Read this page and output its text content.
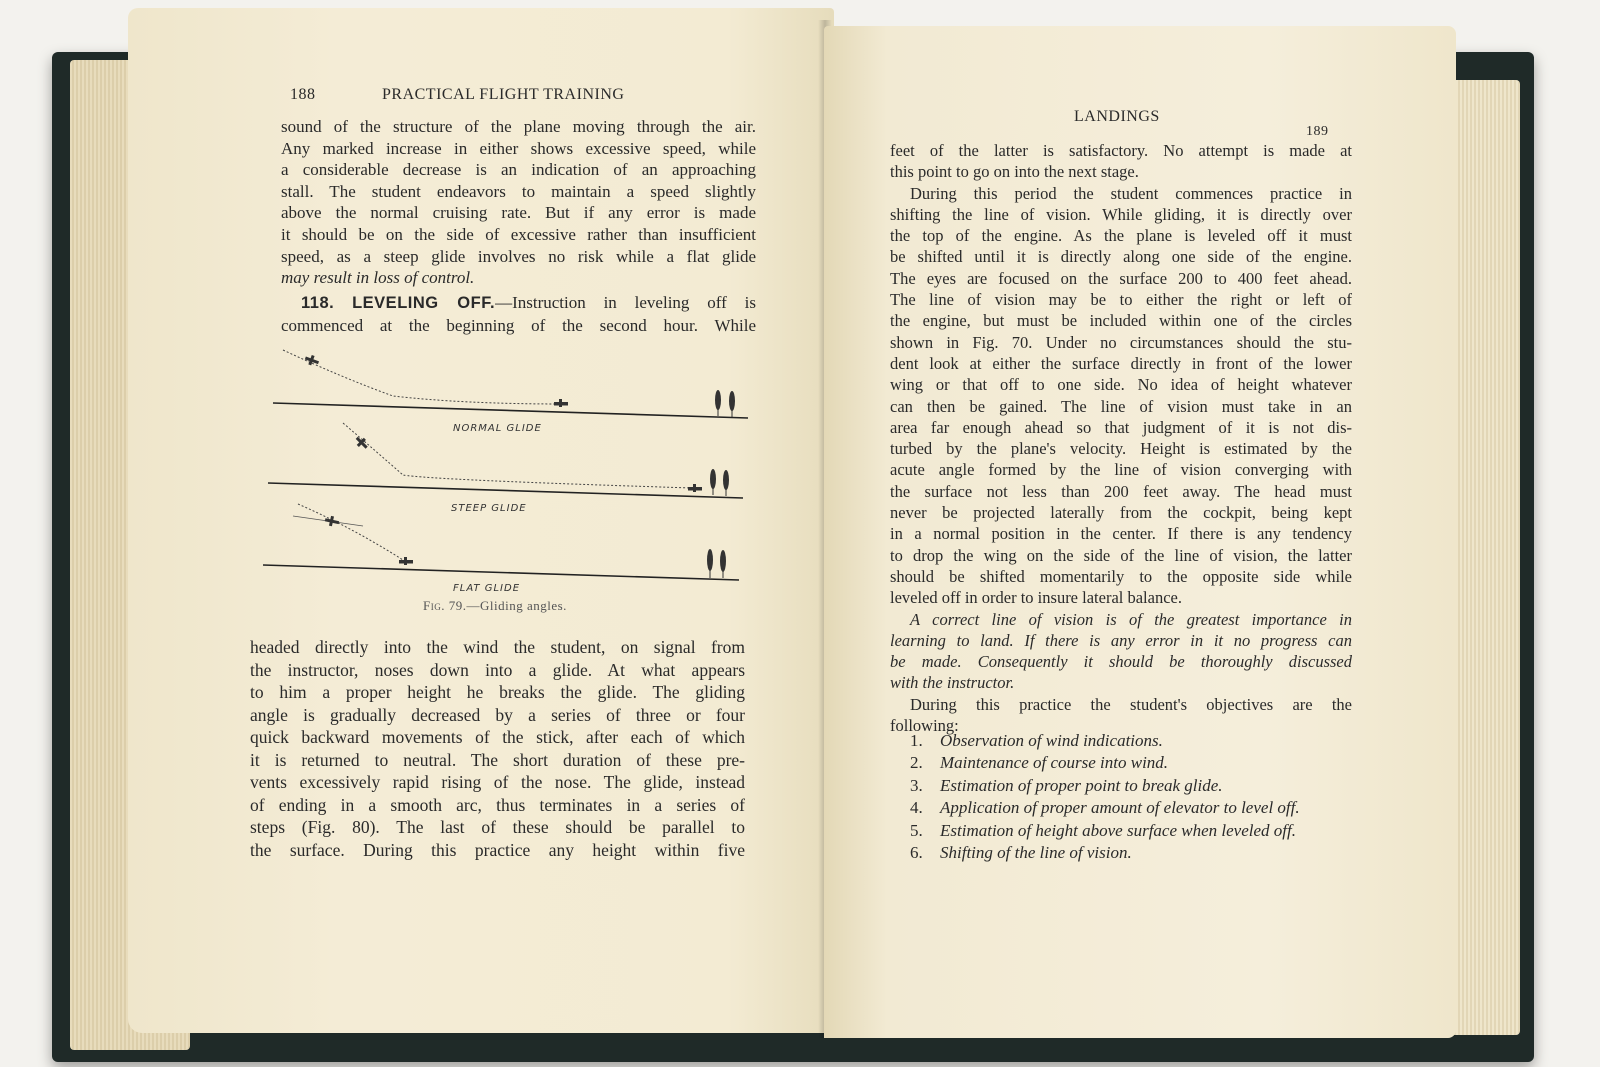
188	PRACTICAL FLIGHT TRAINING
sound of the structure of the plane moving through the air.
Any marked increase in either shows excessive speed, while
a considerable decrease is an indication of an approaching
stall. The student endeavors to maintain a speed slightly
above the normal cruising rate. But if any error is made
it should be on the side of excessive rather than insufficient
speed, as a steep glide involves no risk while a flat glide
may result in loss of control.
118. LEVELING OFF.—Instruction in leveling off is
commenced at the beginning of the second hour. While
NORMAL GLIDE
STEEP GLIDE
FLAT GLIDE
Fig. 79.—Gliding angles.
headed directly into the wind the student, on signal from
the instructor, noses down into a glide. At what appears
to him a proper height he breaks the glide. The gliding
angle is gradually decreased by a series of three or four
quick backward movements of the stick, after each of which
it is returned to neutral. The short duration of these pre-
vents excessively rapid rising of the nose. The glide, instead
of ending in a smooth arc, thus terminates in a series of
steps (Fig. 80). The last of these should be parallel to
the surface. During this practice any height within five
LANDINGS
189
feet of the latter is satisfactory. No attempt is made at
this point to go on into the next stage.
During this period the student commences practice in
shifting the line of vision. While gliding, it is directly over
the top of the engine. As the plane is leveled off it must
be shifted until it is directly along one side of the engine.
The eyes are focused on the surface 200 to 400 feet ahead.
The line of vision may be to either the right or left of
the engine, but must be included within one of the circles
shown in Fig. 70. Under no circumstances should the stu-
dent look at either the surface directly in front of the lower
wing or that off to one side. No idea of height whatever
can then be gained. The line of vision must take in an
area far enough ahead so that judgment of it is not dis-
turbed by the plane's velocity. Height is estimated by the
acute angle formed by the line of vision converging with
the surface not less than 200 feet away. The head must
never be projected laterally from the cockpit, being kept
in a normal position in the center. If there is any tendency
to drop the wing on the side of the line of vision, the latter
should be shifted momentarily to the opposite side while
leveled off in order to insure lateral balance.
A correct line of vision is of the greatest importance in
learning to land. If there is any error in it no progress can
be made. Consequently it should be thoroughly discussed
with the instructor.
During this practice the student's objectives are the
following:
1. Observation of wind indications.
2. Maintenance of course into wind.
3. Estimation of proper point to break glide.
4. Application of proper amount of elevator to level off.
5. Estimation of height above surface when leveled off.
6. Shifting of the line of vision.
